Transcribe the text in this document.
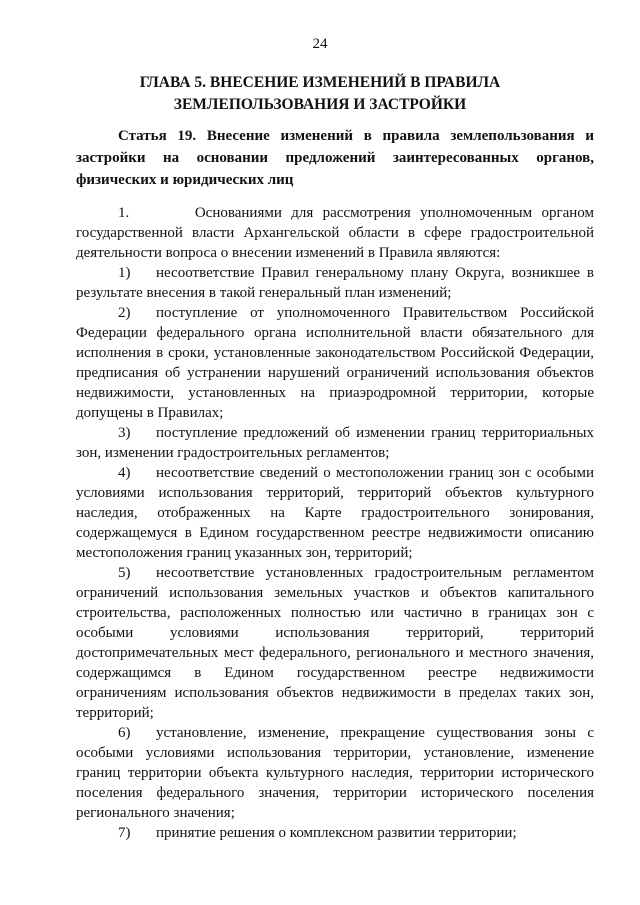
24
ГЛАВА 5. ВНЕСЕНИЕ ИЗМЕНЕНИЙ В ПРАВИЛА
ЗЕМЛЕПОЛЬЗОВАНИЯ И ЗАСТРОЙКИ
Статья 19. Внесение изменений в правила землепользования и
застройки на основании предложений заинтересованных органов,
физических и юридических лиц
1.       Основаниями для рассмотрения уполномоченным органом
государственной власти Архангельской области в сфере градостроительной
деятельности вопроса о внесении изменений в Правила являются:
1) несоответствие Правил генеральному плану Округа, возникшее в
результате внесения в такой генеральный план изменений;
2) поступление от уполномоченного Правительством Российской
Федерации федерального органа исполнительной власти обязательного для
исполнения в сроки, установленные законодательством Российской Федерации,
предписания об устранении нарушений ограничений использования объектов
недвижимости, установленных на приаэродромной территории, которые
допущены в Правилах;
3) поступление предложений об изменении границ территориальных
зон, изменении градостроительных регламентов;
4) несоответствие сведений о местоположении границ зон с особыми
условиями использования территорий, территорий объектов культурного
наследия, отображенных на Карте градостроительного зонирования,
содержащемуся в Едином государственном реестре недвижимости описанию
местоположения границ указанных зон, территорий;
5) несоответствие установленных градостроительным регламентом
ограничений использования земельных участков и объектов капитального
строительства, расположенных полностью или частично в границах зон с
особыми условиями использования территорий, территорий
достопримечательных мест федерального, регионального и местного значения,
содержащимся в Едином государственном реестре недвижимости
ограничениям использования объектов недвижимости в пределах таких зон,
территорий;
6) установление, изменение, прекращение существования зоны с
особыми условиями использования территории, установление, изменение
границ территории объекта культурного наследия, территории исторического
поселения федерального значения, территории исторического поселения
регионального значения;
7) принятие решения о комплексном развитии территории;
